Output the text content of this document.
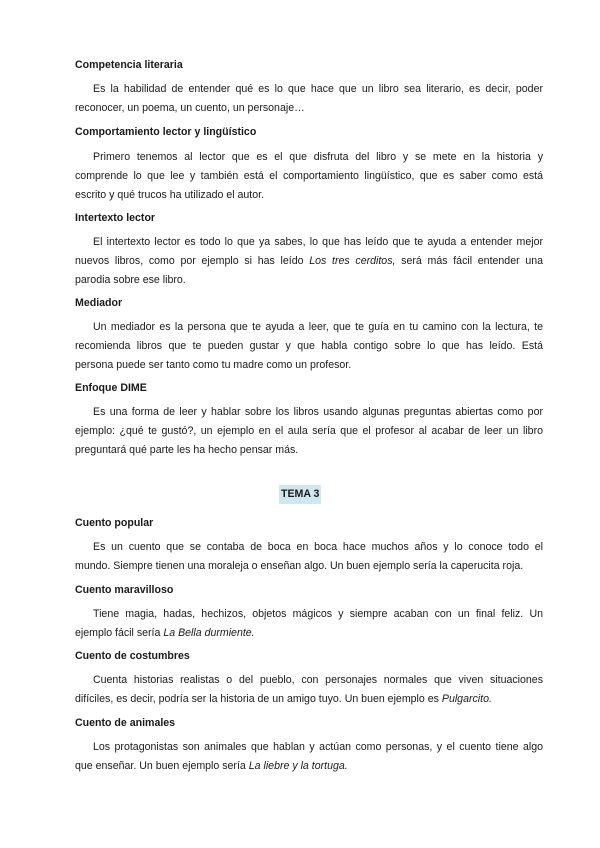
Competencia literaria
Es la habilidad de entender qué es lo que hace que un libro sea literario, es decir, poder
reconocer, un poema, un cuento, un personaje…
Comportamiento lector y lingüístico
Primero tenemos al lector que es el que disfruta del libro y se mete en la historia y
comprende lo que lee y también está el comportamiento lingüístico, que es saber como está
escrito y qué trucos ha utilizado el autor.
Intertexto lector
El intertexto lector es todo lo que ya sabes, lo que has leído que te ayuda a entender mejor
nuevos libros, como por ejemplo si has leído Los tres cerditos, será más fácil entender una
parodia sobre ese libro.
Mediador
Un mediador es la persona que te ayuda a leer, que te guía en tu camino con la lectura, te
recomienda libros que te pueden gustar y que habla contigo sobre lo que has leído. Está
persona puede ser tanto como tu madre como un profesor.
Enfoque DIME
Es una forma de leer y hablar sobre los libros usando algunas preguntas abiertas como por
ejemplo: ¿qué te gustó?, un ejemplo en el aula sería que el profesor al acabar de leer un libro
preguntará qué parte les ha hecho pensar más.
TEMA 3
Cuento popular
Es un cuento que se contaba de boca en boca hace muchos años y lo conoce todo el
mundo. Siempre tienen una moraleja o enseñan algo. Un buen ejemplo sería la caperucita roja.
Cuento maravilloso
Tiene magia, hadas, hechizos, objetos mágicos y siempre acaban con un final feliz. Un
ejemplo fácil sería La Bella durmiente.
Cuento de costumbres
Cuenta historias realistas o del pueblo, con personajes normales que viven situaciones
difíciles, es decir, podría ser la historia de un amigo tuyo. Un buen ejemplo es Pulgarcito.
Cuento de animales
Los protagonistas son animales que hablan y actúan como personas, y el cuento tiene algo
que enseñar. Un buen ejemplo sería La liebre y la tortuga.
